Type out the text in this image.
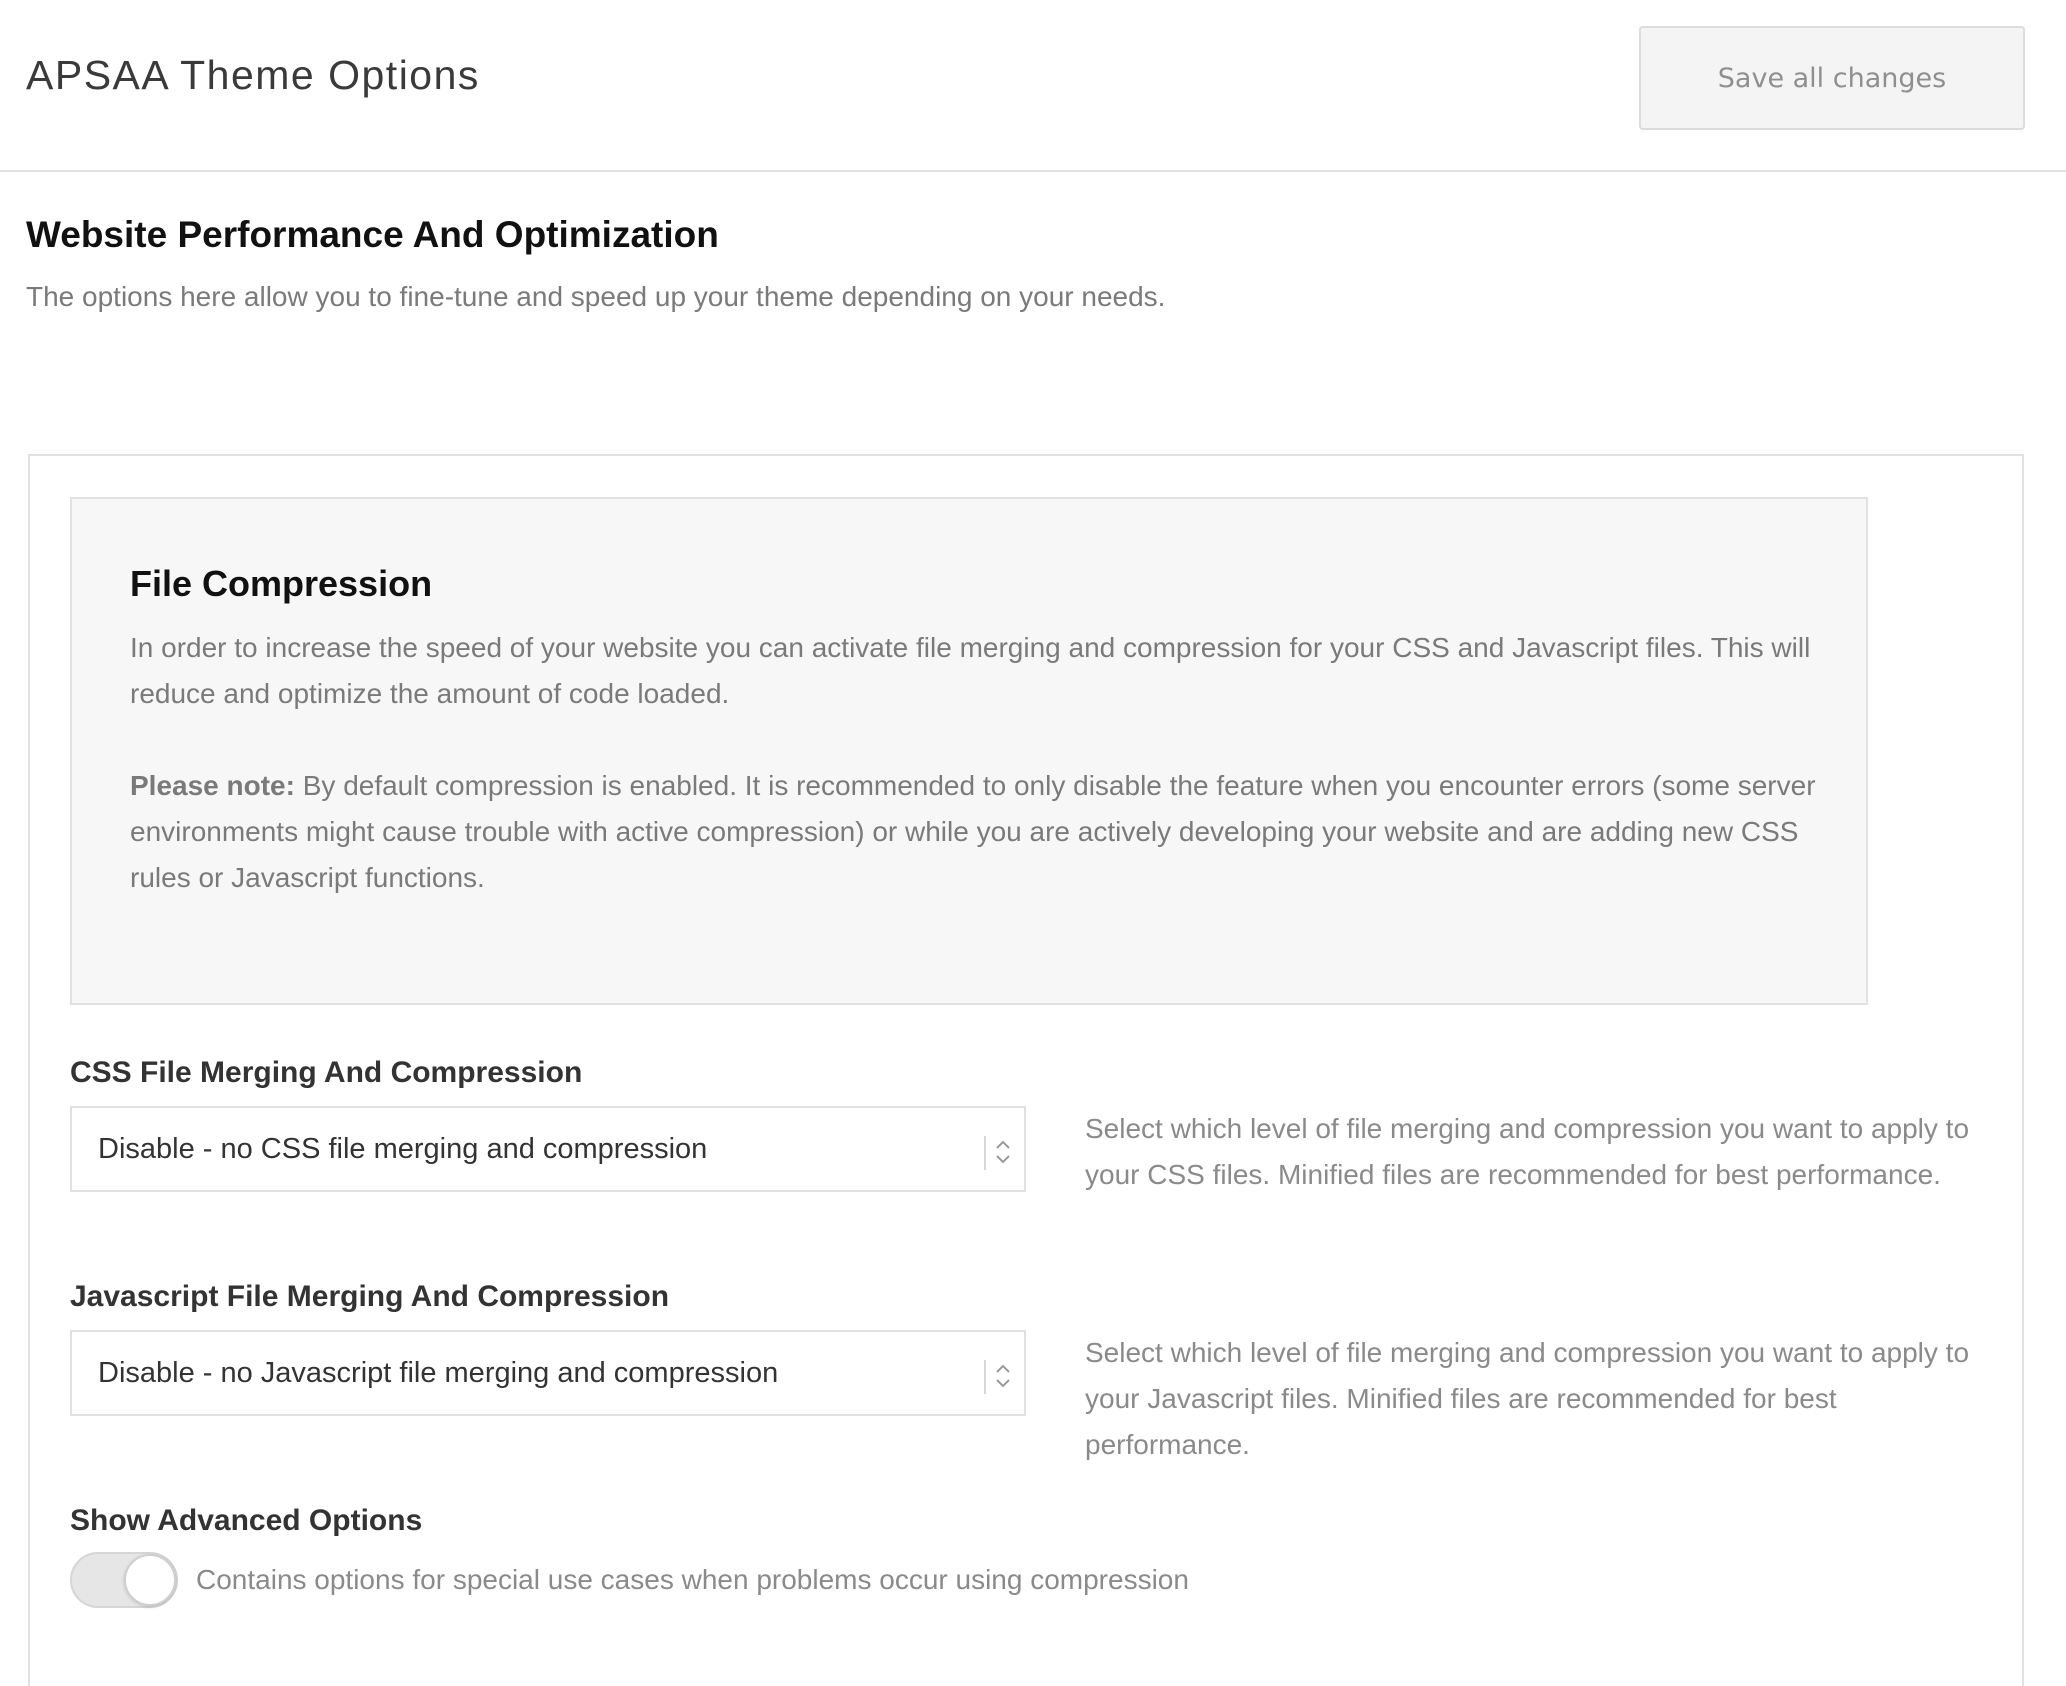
APSAA Theme Options	Save all changes
Website Performance And Optimization

The options here allow you to fine-tune and speed up your theme depending on your needs.

File Compression

In order to increase the speed of your website you can activate file merging and compression for your CSS and Javascript files. This will reduce and optimize the amount of code loaded.

Please note: By default compression is enabled. It is recommended to only disable the feature when you encounter errors (some server environments might cause trouble with active compression) or while you are actively developing your website and are adding new CSS rules or Javascript functions.

CSS File Merging And Compression
Disable - no CSS file merging and compression

Select which level of file merging and compression you want to apply to your CSS files. Minified files are recommended for best performance.

Javascript File Merging And Compression
Disable - no Javascript file merging and compression

Select which level of file merging and compression you want to apply to your Javascript files. Minified files are recommended for best performance.

Show Advanced Options

Contains options for special use cases when problems occur using compression
